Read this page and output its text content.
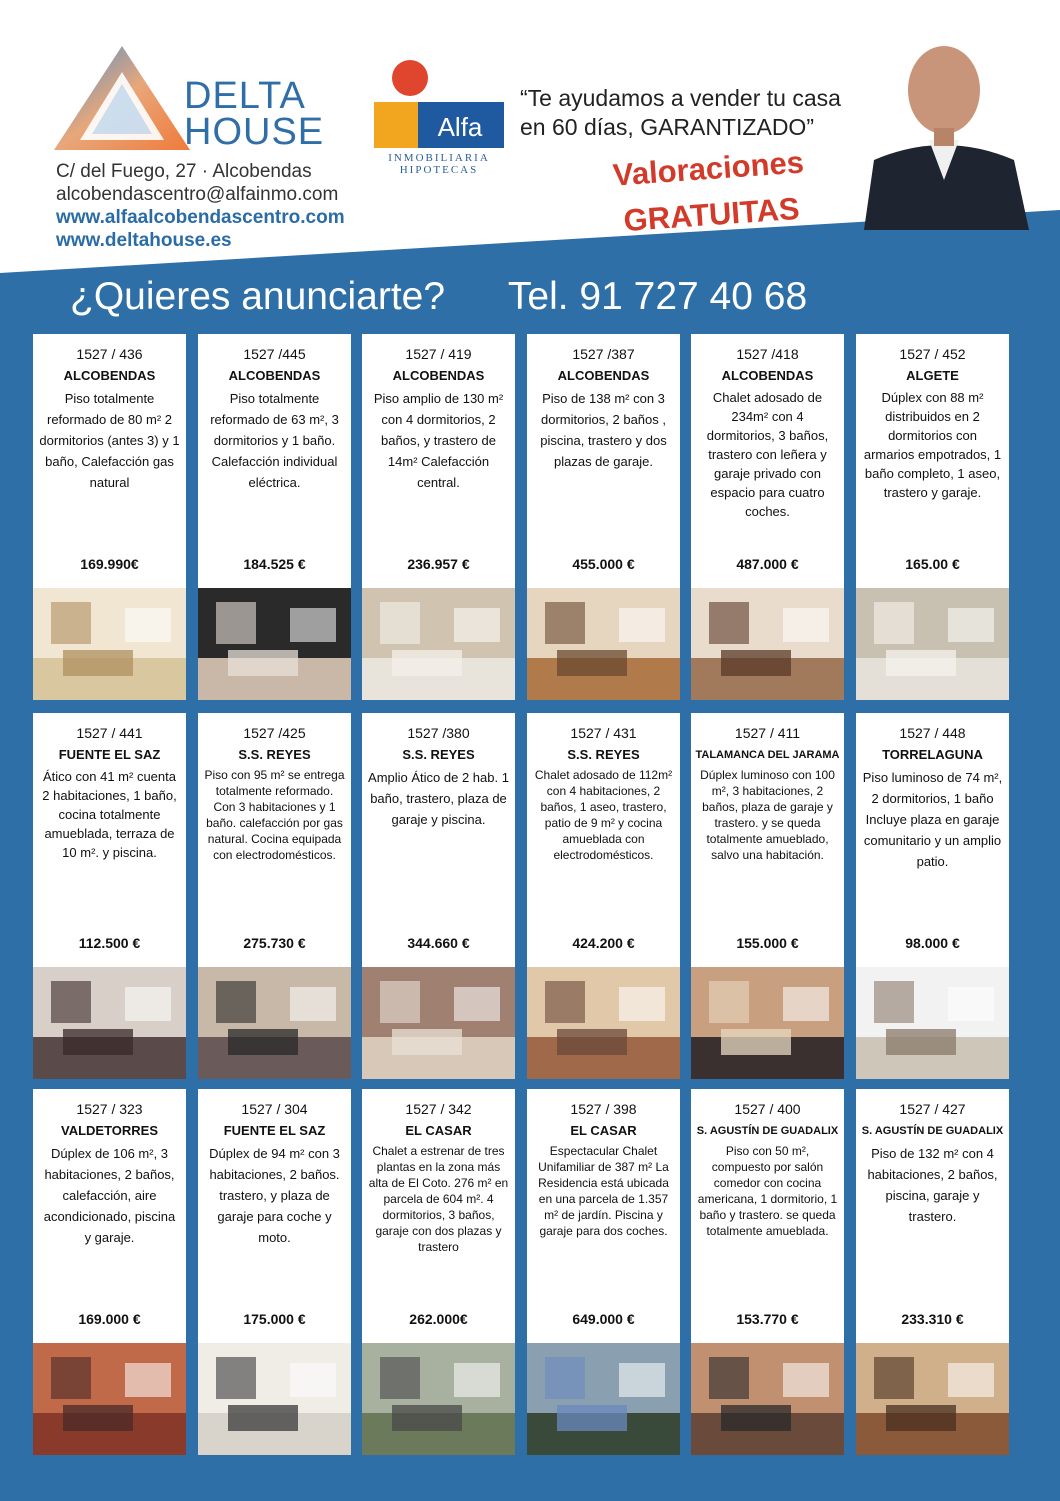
DELTA
HOUSE
C/ del Fuego, 27 · Alcobendas
alcobendascentro@alfainmo.com
www.alfaalcobendascentro.com
www.deltahouse.es
Alfa
INMOBILIARIA
HIPOTECAS
“Te ayudamos a vender tu casa
en 60 días, GARANTIZADO”
Valoraciones
GRATUITAS
¿Quieres anunciarte? Tel. 91 727 40 68
1527 / 436
ALCOBENDAS
Piso totalmente reformado de 80 m² 2 dormitorios (antes 3) y 1 baño, Calefacción gas natural
169.990€
1527 /445
ALCOBENDAS
Piso totalmente reformado de 63 m², 3 dormitorios y 1 baño. Calefacción individual eléctrica.
184.525 €
1527 / 419
ALCOBENDAS
Piso amplio de 130 m² con 4 dormitorios, 2 baños, y trastero de 14m² Calefacción central.
236.957 €
1527 /387
ALCOBENDAS
Piso de 138 m² con 3 dormitorios, 2 baños , piscina, trastero y dos plazas de garaje.
455.000 €
1527 /418
ALCOBENDAS
Chalet adosado de 234m² con 4 dormitorios, 3 baños, trastero con leñera y garaje privado con espacio para cuatro coches.
487.000 €
1527 / 452
ALGETE
Dúplex con 88 m² distribuidos en 2 dormitorios con armarios empotrados, 1 baño completo, 1 aseo, trastero y garaje.
165.00 €
1527 / 441
FUENTE EL SAZ
Ático con 41 m² cuenta 2 habitaciones, 1 baño, cocina totalmente amueblada, terraza de 10 m². y piscina.
112.500 €
1527 /425
S.S. REYES
Piso con 95 m² se entrega totalmente reformado. Con 3 habitaciones y 1 baño. calefacción por gas natural. Cocina equipada con electrodomésticos.
275.730 €
1527 /380
S.S. REYES
Amplio Ático de 2 hab. 1 baño, trastero, plaza de garaje y piscina.
344.660 €
1527 / 431
S.S. REYES
Chalet adosado de 112m² con 4 habitaciones, 2 baños, 1 aseo, trastero, patio de 9 m² y cocina amueblada con electrodomésticos.
424.200 €
1527 / 411
TALAMANCA DEL JARAMA
Dúplex luminoso con 100 m², 3 habitaciones, 2 baños, plaza de garaje y trastero. y se queda totalmente amueblado, salvo una habitación.
155.000 €
1527 / 448
TORRELAGUNA
Piso luminoso de 74 m², 2 dormitorios, 1 baño Incluye plaza en garaje comunitario y un amplio patio.
98.000 €
1527 / 323
VALDETORRES
Dúplex de 106 m², 3 habitaciones, 2 baños, calefacción, aire acondicionado, piscina y garaje.
169.000 €
1527 / 304
FUENTE EL SAZ
Dúplex de 94 m² con 3 habitaciones, 2 baños. trastero, y plaza de garaje para coche y moto.
175.000 €
1527 / 342
EL CASAR
Chalet a estrenar de tres plantas en la zona más alta de El Coto. 276 m² en parcela de 604 m². 4 dormitorios, 3 baños, garaje con dos plazas y trastero
262.000€
1527 / 398
EL CASAR
Espectacular Chalet Unifamiliar de 387 m² La Residencia está ubicada en una parcela de 1.357 m² de jardín. Piscina y garaje para dos coches.
649.000 €
1527 / 400
S. AGUSTÍN DE GUADALIX
Piso con 50 m², compuesto por salón comedor con cocina americana, 1 dormitorio, 1 baño y trastero. se queda totalmente amueblada.
153.770 €
1527 / 427
S. AGUSTÍN DE GUADALIX
Piso de 132 m² con 4 habitaciones, 2 baños, piscina, garaje y trastero.
233.310 €
